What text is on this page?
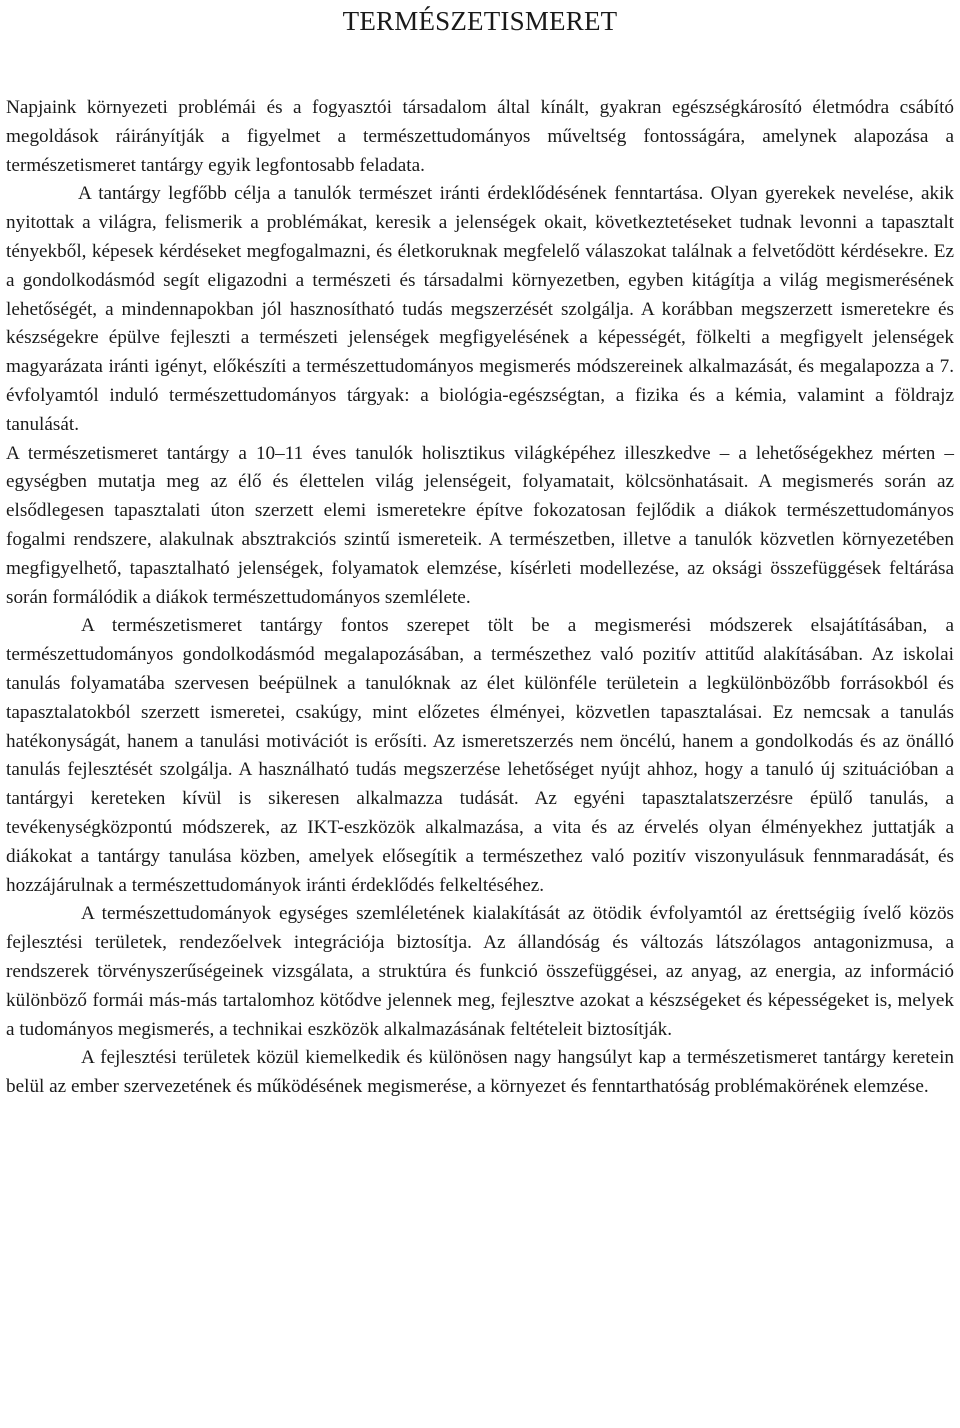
TERMÉSZETISMERET

Napjaink környezeti problémái és a fogyasztói társadalom által kínált, gyakran egészségkárosító életmódra csábító megoldások ráirányítják a figyelmet a természettudományos műveltség fontosságára, amelynek alapozása a természetismeret tantárgy egyik legfontosabb feladata.

A tantárgy legfőbb célja a tanulók természet iránti érdeklődésének fenntartása. Olyan gyerekek nevelése, akik nyitottak a világra, felismerik a problémákat, keresik a jelenségek okait, következtetéseket tudnak levonni a tapasztalt tényekből, képesek kérdéseket megfogalmazni, és életkoruknak megfelelő válaszokat találnak a felvetődött kérdésekre. Ez a gondolkodásmód segít eligazodni a természeti és társadalmi környezetben, egyben kitágítja a világ megismerésének lehetőségét, a mindennapokban jól hasznosítható tudás megszerzését szolgálja. A korábban megszerzett ismeretekre és készségekre épülve fejleszti a természeti jelenségek megfigyelésének a képességét, fölkelti a megfigyelt jelenségek magyarázata iránti igényt, előkészíti a természettudományos megismerés módszereinek alkalmazását, és megalapozza a 7. évfolyamtól induló természettudományos tárgyak: a biológia-egészségtan, a fizika és a kémia, valamint a földrajz tanulását.

A természetismeret tantárgy a 10–11 éves tanulók holisztikus világképéhez illeszkedve – a lehetőségekhez mérten – egységben mutatja meg az élő és élettelen világ jelenségeit, folyamatait, kölcsönhatásait. A megismerés során az elsődlegesen tapasztalati úton szerzett elemi ismeretekre építve fokozatosan fejlődik a diákok természettudományos fogalmi rendszere, alakulnak absztrakciós szintű ismereteik. A természetben, illetve a tanulók közvetlen környezetében megfigyelhető, tapasztalható jelenségek, folyamatok elemzése, kísérleti modellezése, az oksági összefüggések feltárása során formálódik a diákok természettudományos szemlélete.

A természetismeret tantárgy fontos szerepet tölt be a megismerési módszerek elsajátításában, a természettudományos gondolkodásmód megalapozásában, a természethez való pozitív attitűd alakításában. Az iskolai tanulás folyamatába szervesen beépülnek a tanulóknak az élet különféle területein a legkülönbözőbb forrásokból és tapasztalatokból szerzett ismeretei, csakúgy, mint előzetes élményei, közvetlen tapasztalásai. Ez nemcsak a tanulás hatékonyságát, hanem a tanulási motivációt is erősíti. Az ismeretszerzés nem öncélú, hanem a gondolkodás és az önálló tanulás fejlesztését szolgálja. A használható tudás megszerzése lehetőséget nyújt ahhoz, hogy a tanuló új szituációban a tantárgyi kereteken kívül is sikeresen alkalmazza tudását. Az egyéni tapasztalatszerzésre épülő tanulás, a tevékenységközpontú módszerek, az IKT-eszközök alkalmazása, a vita és az érvelés olyan élményekhez juttatják a diákokat a tantárgy tanulása közben, amelyek elősegítik a természethez való pozitív viszonyulásuk fennmaradását, és hozzájárulnak a természettudományok iránti érdeklődés felkeltéséhez.

A természettudományok egységes szemléletének kialakítását az ötödik évfolyamtól az érettségiig ívelő közös fejlesztési területek, rendezőelvek integrációja biztosítja. Az állandóság és változás látszólagos antagonizmusa, a rendszerek törvényszerűségeinek vizsgálata, a struktúra és funkció összefüggései, az anyag, az energia, az információ különböző formái más-más tartalomhoz kötődve jelennek meg, fejlesztve azokat a készségeket és képességeket is, melyek a tudományos megismerés, a technikai eszközök alkalmazásának feltételeit biztosítják.

A fejlesztési területek közül kiemelkedik és különösen nagy hangsúlyt kap a természetismeret tantárgy keretein belül az ember szervezetének és működésének megismerése, a környezet és fenntarthatóság problémakörének elemzése.
